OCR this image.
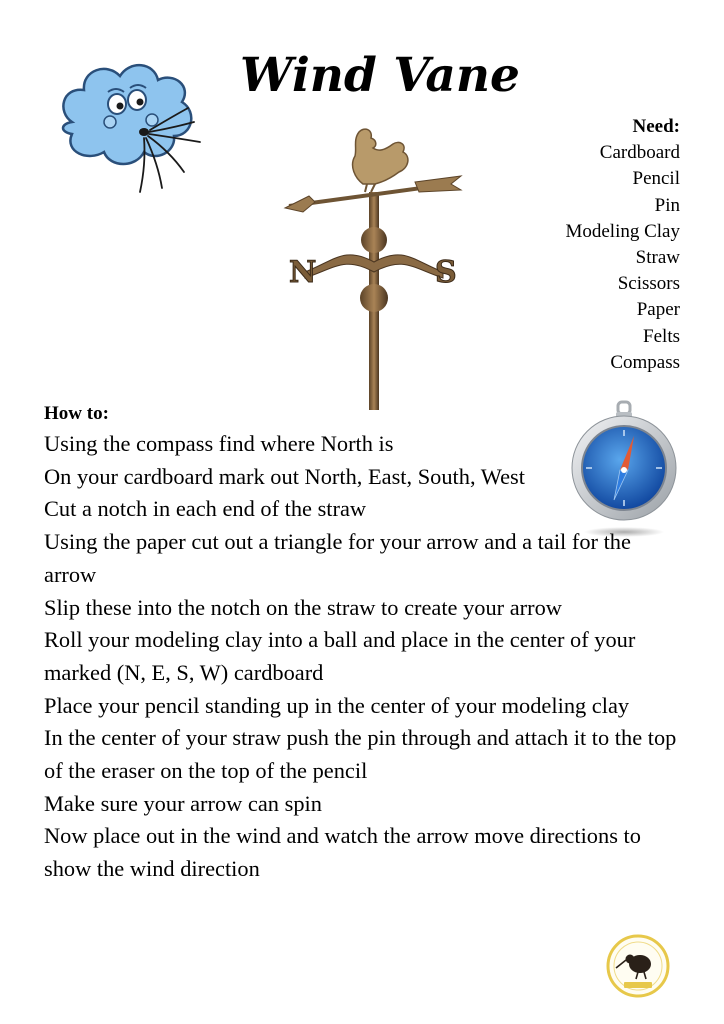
Wind Vane
N	S
Need:
Cardboard
Pencil
Pin
Modeling Clay
Straw
Scissors
Paper
Felts
Compass
How to:
Using the compass find where North is
On your cardboard mark out North, East, South, West
Cut a notch in each end of the straw
Using the paper cut out a triangle for your arrow and a tail for the arrow
Slip these into the notch on the straw to create your arrow
Roll your modeling clay into a ball and place in the center of your marked (N, E, S, W) cardboard
Place your pencil standing up in the center of your modeling clay
In the center of your straw push the pin through and attach it to the top of the eraser on the top of the pencil
Make sure your arrow can spin
Now place out in the wind and watch the arrow move directions to show the wind direction
